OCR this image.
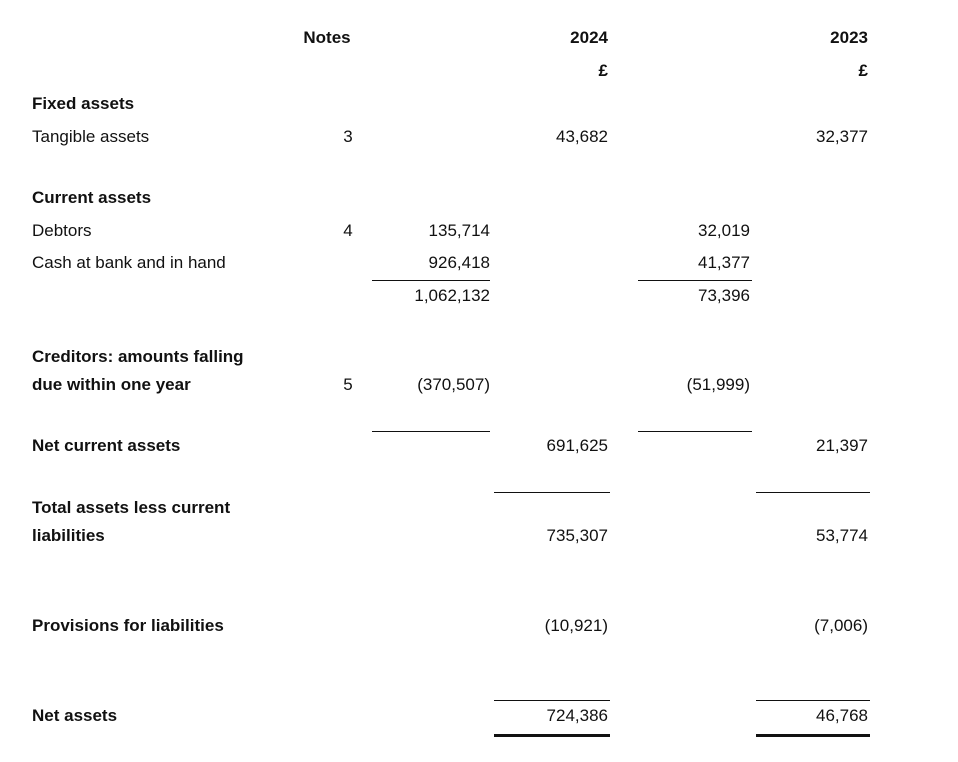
Notes	2024	2023
£	£
Fixed assets
Tangible assets	3	43,682	32,377
Current assets
Debtors	4	135,714	32,019
Cash at bank and in hand	926,418	41,377
1,062,132	73,396
Creditors: amounts falling
due within one year	5	(370,507)	(51,999)
Net current assets	691,625	21,397
Total assets less current
liabilities	735,307	53,774
Provisions for liabilities	(10,921)	(7,006)
Net assets	724,386	46,768
